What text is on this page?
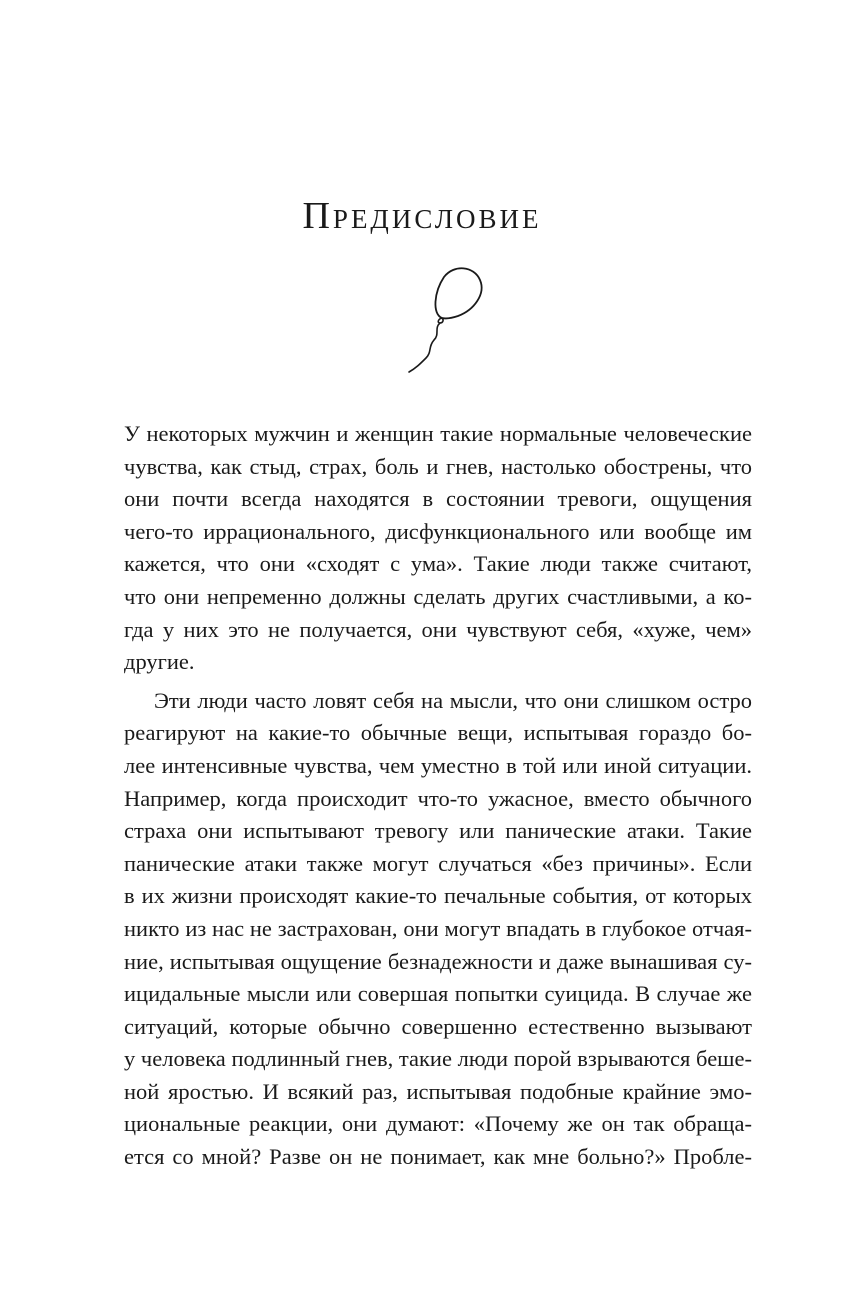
Предисловие

У некоторых мужчин и женщин такие нормальные человеческие
чувства, как стыд, страх, боль и гнев, настолько обострены, что
они почти всегда находятся в состоянии тревоги, ощущения
чего-то иррационального, дисфункционального или вообще им
кажется, что они «сходят с ума». Такие люди также считают,
что они непременно должны сделать других счастливыми, а ко-
гда у них это не получается, они чувствуют себя, «хуже, чем»
другие.

Эти люди часто ловят себя на мысли, что они слишком остро
реагируют на какие-то обычные вещи, испытывая гораздо бо-
лее интенсивные чувства, чем уместно в той или иной ситуации.
Например, когда происходит что-то ужасное, вместо обычного
страха они испытывают тревогу или панические атаки. Такие
панические атаки также могут случаться «без причины». Если
в их жизни происходят какие-то печальные события, от которых
никто из нас не застрахован, они могут впадать в глубокое отчая-
ние, испытывая ощущение безнадежности и даже вынашивая су-
ицидальные мысли или совершая попытки суицида. В случае же
ситуаций, которые обычно совершенно естественно вызывают
у человека подлинный гнев, такие люди порой взрываются беше-
ной яростью. И всякий раз, испытывая подобные крайние эмо-
циональные реакции, они думают: «Почему же он так обраща-
ется со мной? Разве он не понимает, как мне больно?» Пробле-
